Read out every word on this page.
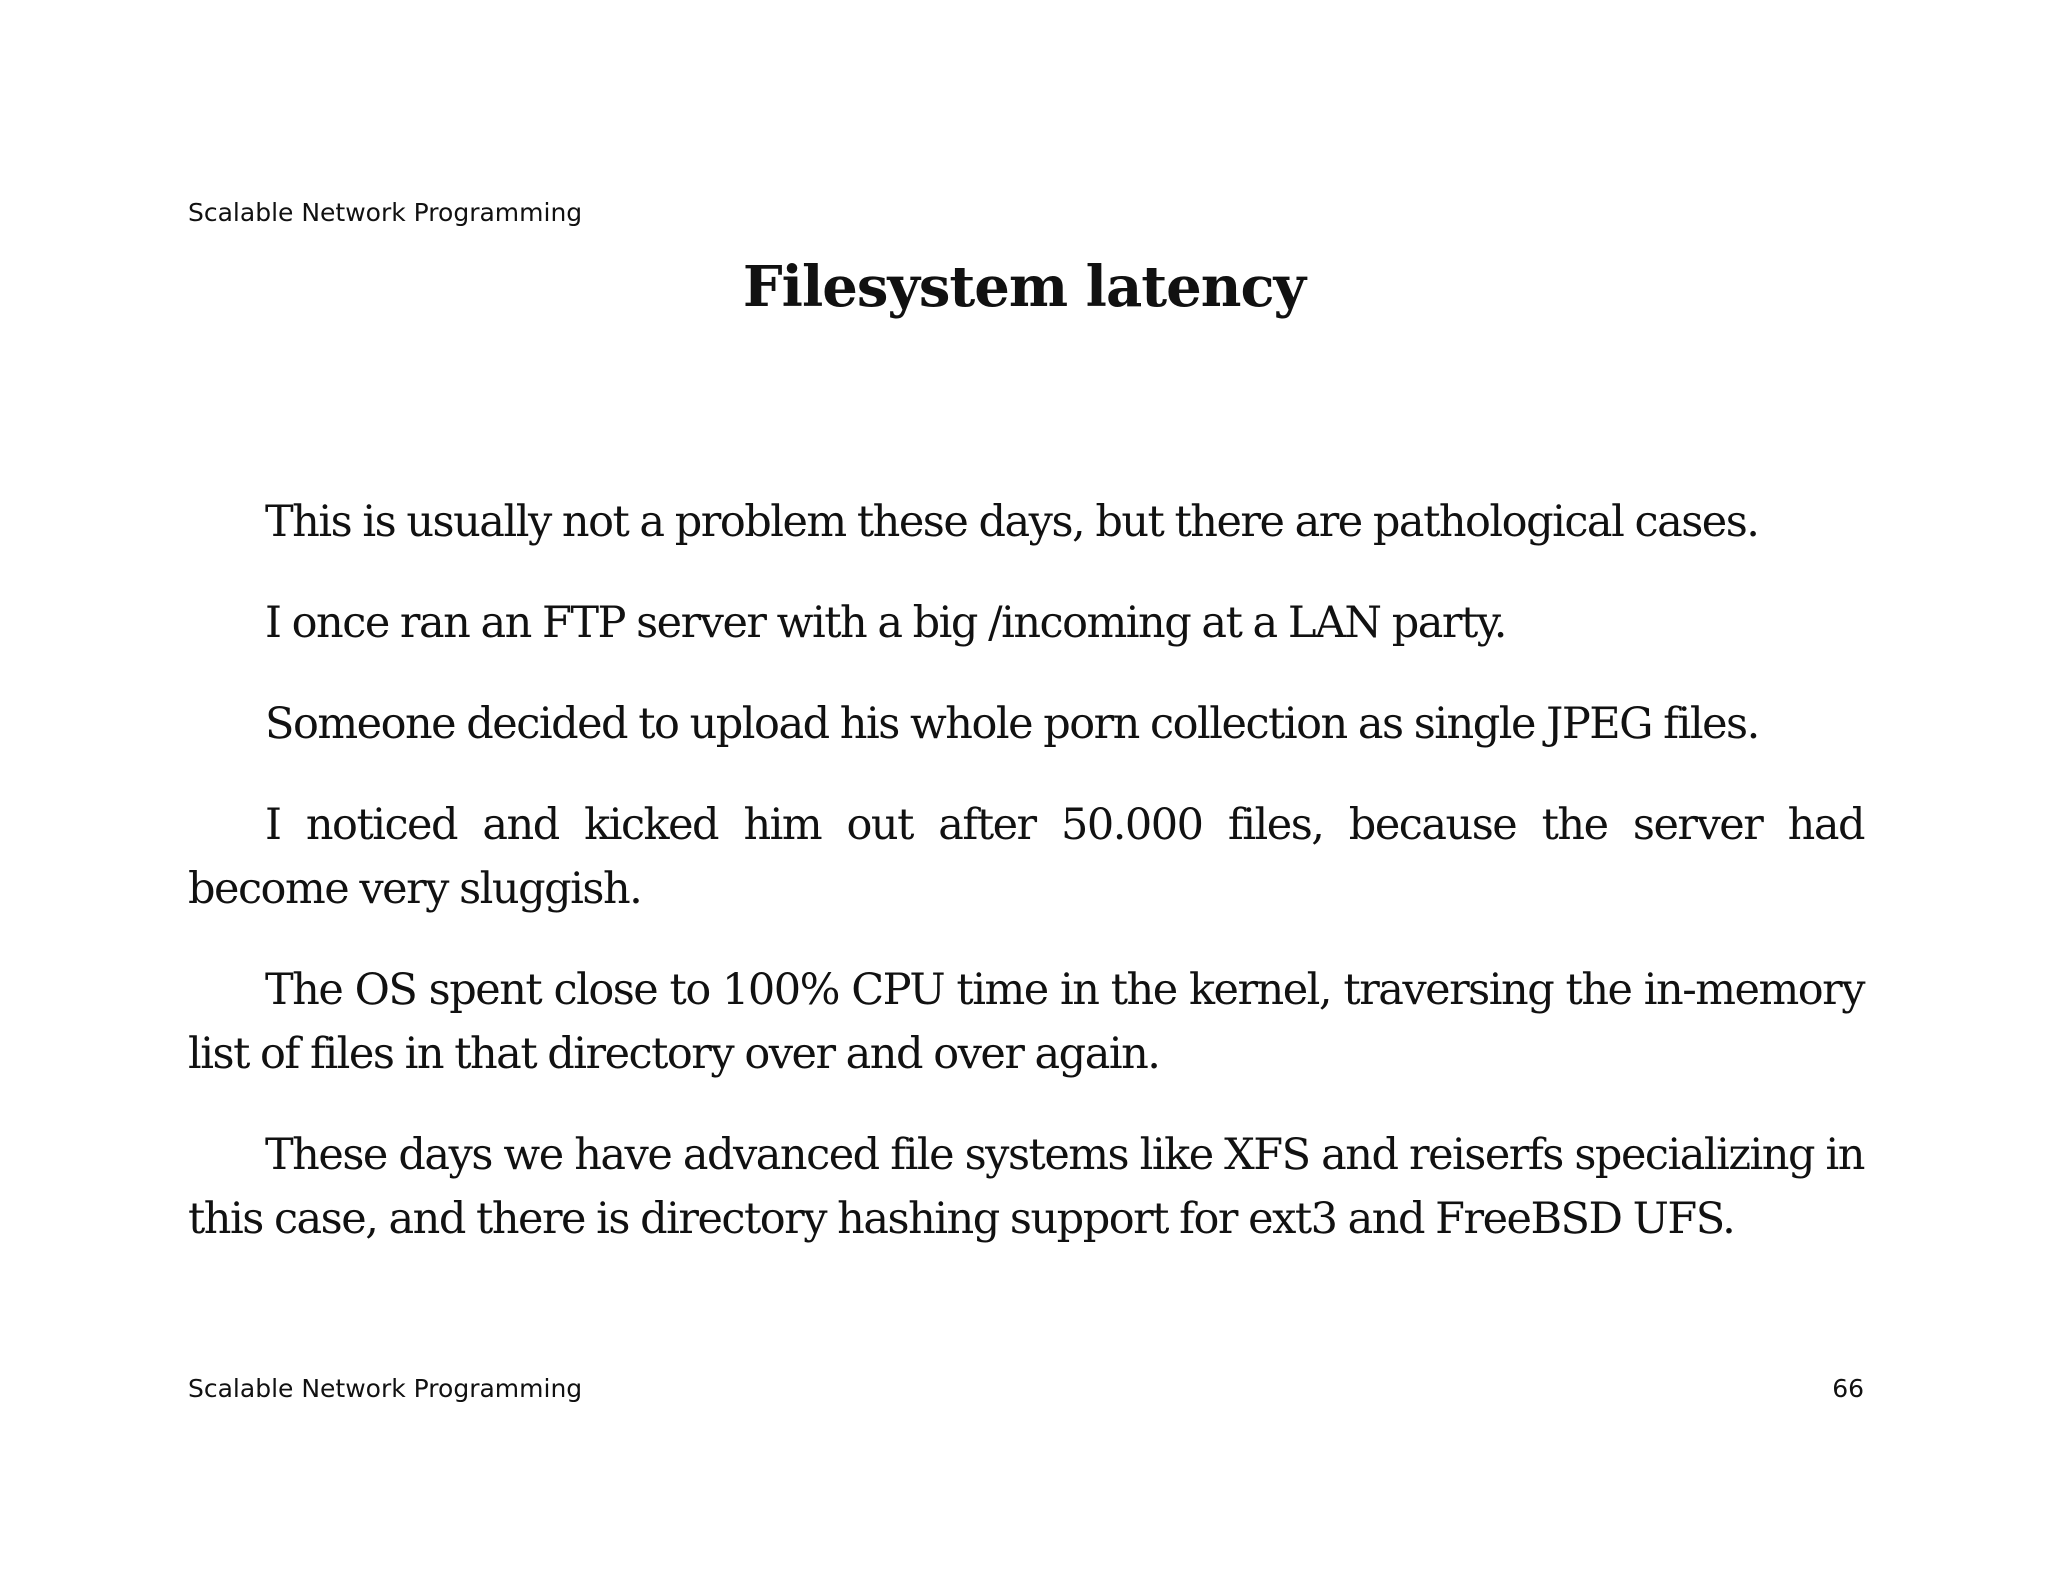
Scalable Network Programming
Filesystem latency

This is usually not a problem these days, but there are pathological cases.

I once ran an FTP server with a big /incoming at a LAN party.

Someone decided to upload his whole porn collection as single JPEG files.

I noticed and kicked him out after 50.000 files, because the server had become very sluggish.

The OS spent close to 100% CPU time in the kernel, traversing the in-memory list of files in that directory over and over again.

These days we have advanced file systems like XFS and reiserfs specializing in this case, and there is directory hashing support for ext3 and FreeBSD UFS.

Scalable Network Programming	66
